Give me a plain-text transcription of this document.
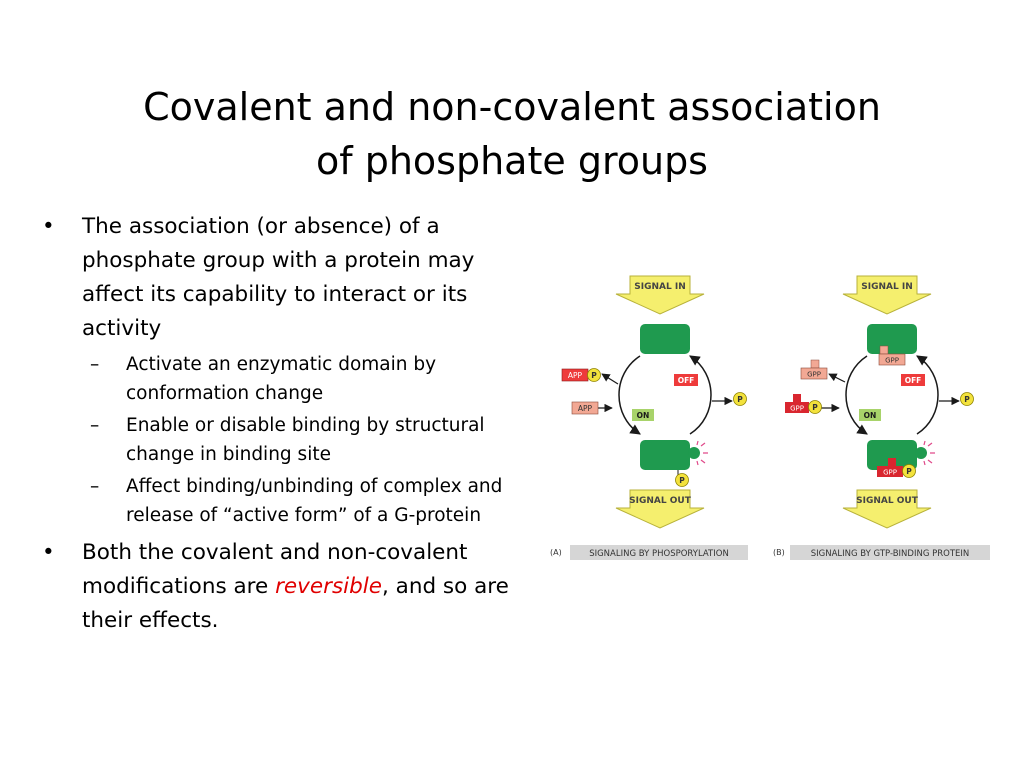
Covalent and non-covalent association
of phosphate groups

• The association (or absence) of a phosphate group with a protein may affect its capability to interact or its activity

– Activate an enzymatic domain by conformation change

– Enable or disable binding by structural change in binding site

– Affect binding/unbinding of complex and release of “active form” of a G-protein

• Both the covalent and non-covalent modifications are reversible, and so are their effects.

SIGNAL IN
APP P
APP
OFF
ON
P
P
SIGNAL OUT
(A)	SIGNALING BY PHOSPORYLATION
SIGNAL IN
GPP
GPP
GPP P
OFF
ON
P
GPP P
SIGNAL OUT
(B)	SIGNALING BY GTP-BINDING PROTEIN
